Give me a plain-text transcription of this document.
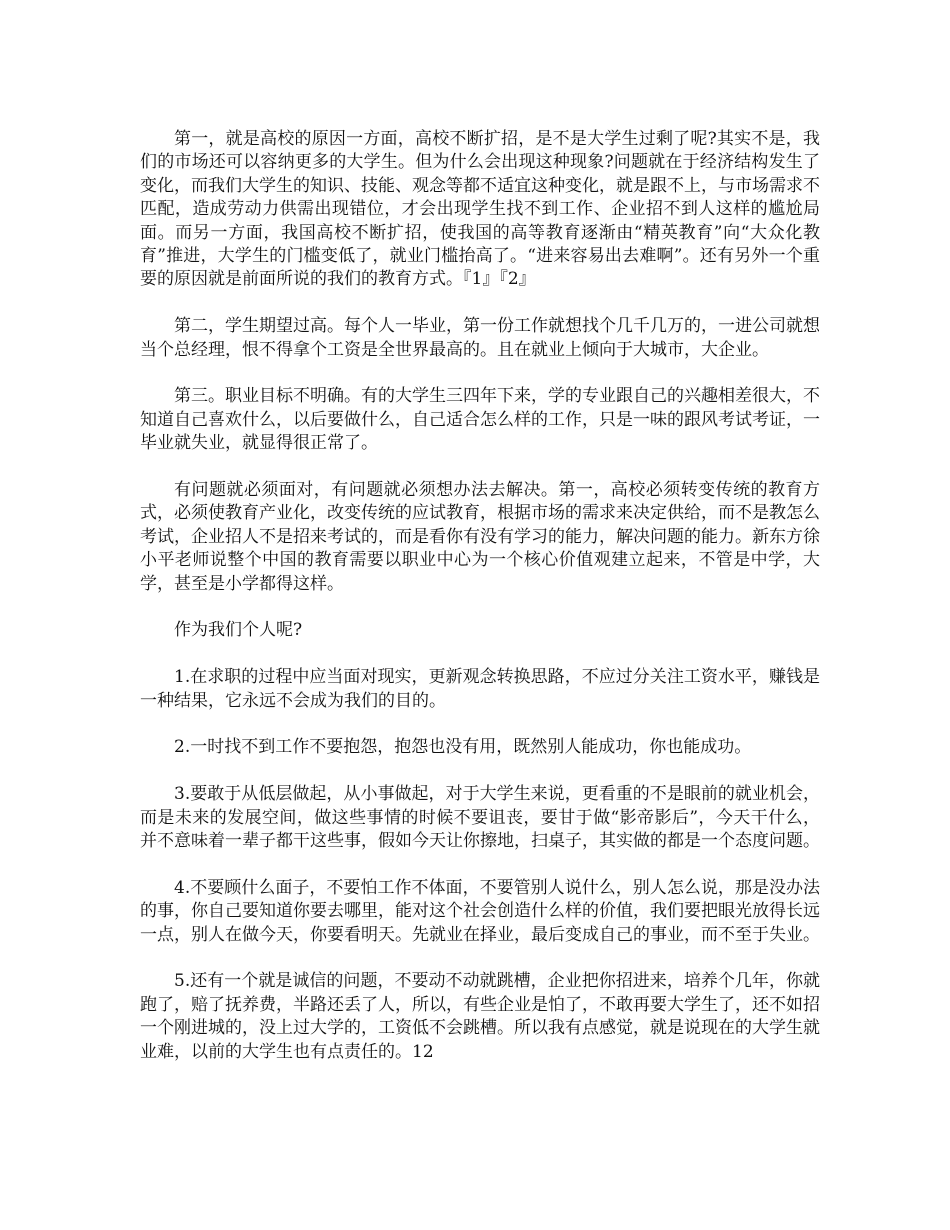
第一，就是高校的原因一方面，高校不断扩招，是不是大学生过剩了呢?其实不是，我们的市场还可以容纳更多的大学生。但为什么会出现这种现象?问题就在于经济结构发生了变化，而我们大学生的知识、技能、观念等都不适宜这种变化，就是跟不上，与市场需求不匹配，造成劳动力供需出现错位，才会出现学生找不到工作、企业招不到人这样的尴尬局面。而另一方面，我国高校不断扩招，使我国的高等教育逐渐由“精英教育”向“大众化教育”推进，大学生的门槛变低了，就业门槛抬高了。“进来容易出去难啊”。还有另外一个重要的原因就是前面所说的我们的教育方式。『1』『2』

第二，学生期望过高。每个人一毕业，第一份工作就想找个几千几万的，一进公司就想当个总经理，恨不得拿个工资是全世界最高的。且在就业上倾向于大城市，大企业。

第三。职业目标不明确。有的大学生三四年下来，学的专业跟自己的兴趣相差很大，不知道自己喜欢什么，以后要做什么，自己适合怎么样的工作，只是一味的跟风考试考证，一毕业就失业，就显得很正常了。

有问题就必须面对，有问题就必须想办法去解决。第一，高校必须转变传统的教育方式，必须使教育产业化，改变传统的应试教育，根据市场的需求来决定供给，而不是教怎么考试，企业招人不是招来考试的，而是看你有没有学习的能力，解决问题的能力。新东方徐小平老师说整个中国的教育需要以职业中心为一个核心价值观建立起来，不管是中学，大学，甚至是小学都得这样。

作为我们个人呢?

1.在求职的过程中应当面对现实，更新观念转换思路，不应过分关注工资水平，赚钱是一种结果，它永远不会成为我们的目的。

2.一时找不到工作不要抱怨，抱怨也没有用，既然别人能成功，你也能成功。

3.要敢于从低层做起，从小事做起，对于大学生来说，更看重的不是眼前的就业机会，而是未来的发展空间，做这些事情的时候不要诅丧，要甘于做“影帝影后”，今天干什么，并不意味着一辈子都干这些事，假如今天让你擦地，扫桌子，其实做的都是一个态度问题。

4.不要顾什么面子，不要怕工作不体面，不要管别人说什么，别人怎么说，那是没办法的事，你自己要知道你要去哪里，能对这个社会创造什么样的价值，我们要把眼光放得长远一点，别人在做今天，你要看明天。先就业在择业，最后变成自己的事业，而不至于失业。

5.还有一个就是诚信的问题，不要动不动就跳槽，企业把你招进来，培养个几年，你就跑了，赔了抚养费，半路还丢了人，所以，有些企业是怕了，不敢再要大学生了，还不如招一个刚进城的，没上过大学的，工资低不会跳槽。所以我有点感觉，就是说现在的大学生就业难，以前的大学生也有点责任的。12
